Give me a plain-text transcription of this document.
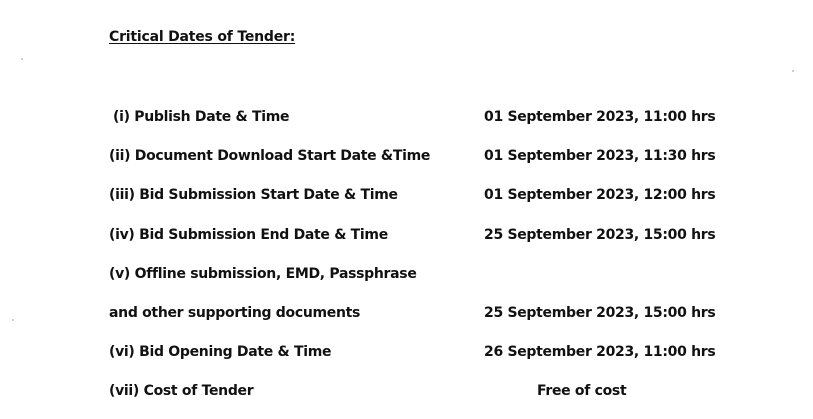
Critical Dates of Tender:
(i) Publish Date & Time	01 September 2023, 11:00 hrs
(ii) Document Download Start Date &Time	01 September 2023, 11:30 hrs
(iii) Bid Submission Start Date & Time	01 September 2023, 12:00 hrs
(iv) Bid Submission End Date & Time	25 September 2023, 15:00 hrs
(v) Offline submission, EMD, Passphrase
and other supporting documents	25 September 2023, 15:00 hrs
(vi) Bid Opening Date & Time	26 September 2023, 11:00 hrs
(vii) Cost of Tender	Free of cost
